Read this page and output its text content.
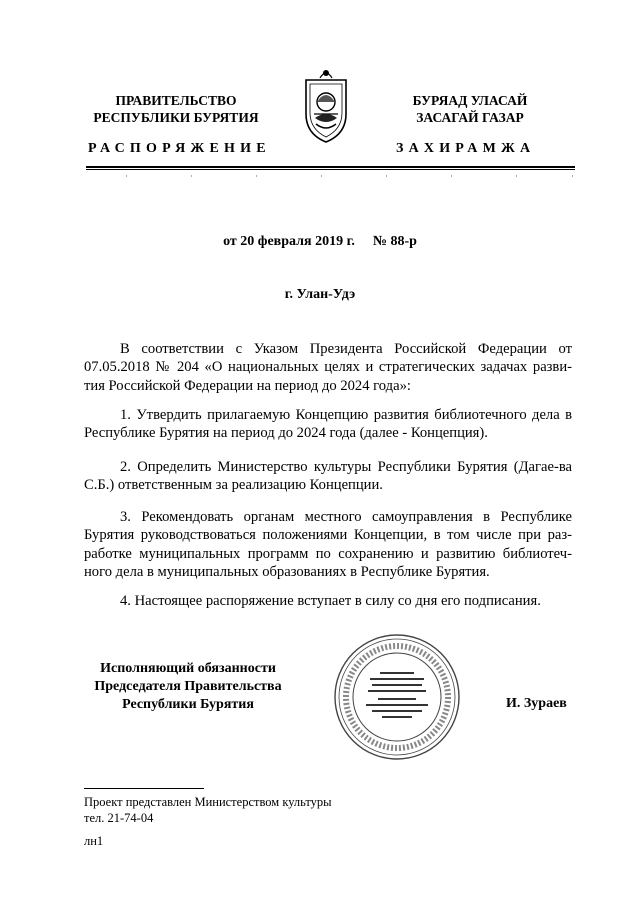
ПРАВИТЕЛЬСТВО
РЕСПУБЛИКИ БУРЯТИЯ
БУРЯАД УЛАСАЙ
ЗАСАГАЙ ГАЗАР
РАСПОРЯЖЕНИЕ	ЗАХИРАМЖА
от 20 февраля 2019 г. № 88-р
г. Улан-Удэ
В соответствии с Указом Президента Российской Федерации от 07.05.2018 № 204 «О национальных целях и стратегических задачах разви-тия Российской Федерации на период до 2024 года»:
1. Утвердить прилагаемую Концепцию развития библиотечного дела в Республике Бурятия на период до 2024 года (далее - Концепция).
2. Определить Министерство культуры Республики Бурятия (Дагае-ва С.Б.) ответственным за реализацию Концепции.
3. Рекомендовать органам местного самоуправления в Республике Бурятия руководствоваться положениями Концепции, в том числе при раз-работке муниципальных программ по сохранению и развитию библиотеч-ного дела в муниципальных образованиях в Республике Бурятия.
4. Настоящее распоряжение вступает в силу со дня его подписания.
Исполняющий обязанности
Председателя Правительства
Республики Бурятия	И. Зураев
Проект представлен Министерством культуры
тел. 21-74-04
лн1
